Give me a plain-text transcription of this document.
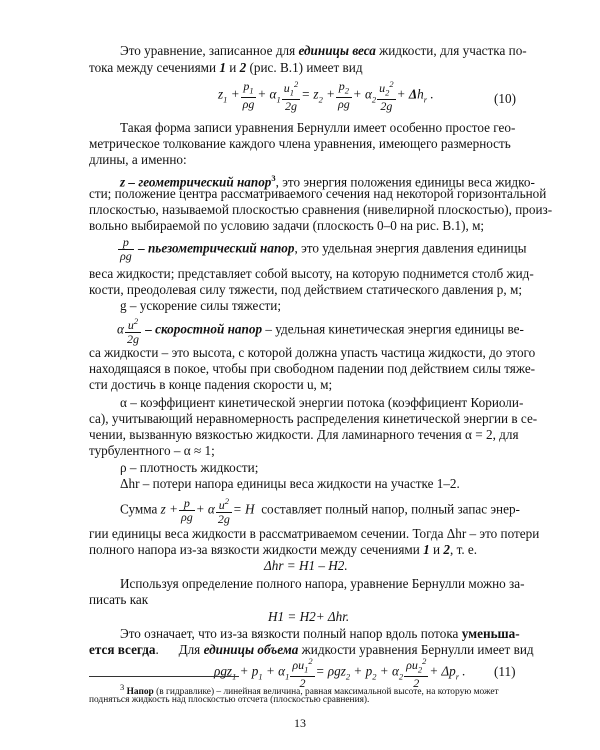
Это уравнение, записанное для единицы веса жидкости, для участка по-
тока между сечениями 1 и 2 (рис. В.1) имеет вид
$z_1 + \frac{p_1}{\rho g} + \alpha_1 \frac{u_1^2}{2g} = z_2 + \frac{p_2}{\rho g} + \alpha_2 \frac{u_2^2}{2g} + \Delta h_r$ .	(10)
Такая форма записи уравнения Бернулли имеет особенно простое гео-
метрическое толкование каждого члена уравнения, имеющего размерность
длины, а именно:
z – геометрический напор$^3$, это энергия положения единицы веса жидко-
сти; положение центра рассматриваемого сечения над некоторой горизонтальной
плоскостью, называемой плоскостью сравнения (нивелирной плоскостью), произ-
вольно выбираемой по условию задачи (плоскость 0–0 на рис. В.1), м;
$\frac{p}{\rho g}$ – пьезометрический напор, это удельная энергия давления единицы
веса жидкости; представляет собой высоту, на которую поднимется столб жид-
кости, преодолевая силу тяжести, под действием статического давления p, м;
g – ускорение силы тяжести;
α $\frac{u^2}{2g}$ – скоростной напор – удельная кинетическая энергия единицы ве-
са жидкости – это высота, с которой должна упасть частица жидкости, до этого
находящаяся в покое, чтобы при свободном падении под действием силы тяже-
сти достичь в конце падения скорости u, м;
α – коэффициент кинетической энергии потока (коэффициент Кориоли-
са), учитывающий неравномерность распределения кинетической энергии в се-
чении, вызванную вязкостью жидкости. Для ламинарного течения α = 2, для
турбулентного – α ≈ 1;
ρ – плотность жидкости;
Δhr – потери напора единицы веса жидкости на участке 1–2.
Сумма $z + \frac{p}{\rho g} + \alpha \frac{u^2}{2g} = H$ составляет полный напор, полный запас энер-
гии единицы веса жидкости в рассматриваемом сечении. Тогда Δhr – это потери
полного напора из-за вязкости жидкости между сечениями 1 и 2, т. е.
Δhr = H1 – H2.
Используя определение полного напора, уравнение Бернулли можно за-
писать как
H1 = H2+ Δhr.
Это означает, что из-за вязкости полный напор вдоль потока уменьша-
ется всегда. Для единицы объема жидкости уравнения Бернулли имеет вид
$\rho gz_1 + p_1 + \alpha_1 \frac{\rho u_1^2}{2} = \rho gz_2 + p_2 + \alpha_2 \frac{\rho u_2^2}{2} + \Delta p_r$ . (11)
$^3$ Напор (в гидравлике) – линейная величина, равная максимальной высоте, на которую может
подняться жидкость над плоскостью отсчета (плоскостью сравнения).
13
